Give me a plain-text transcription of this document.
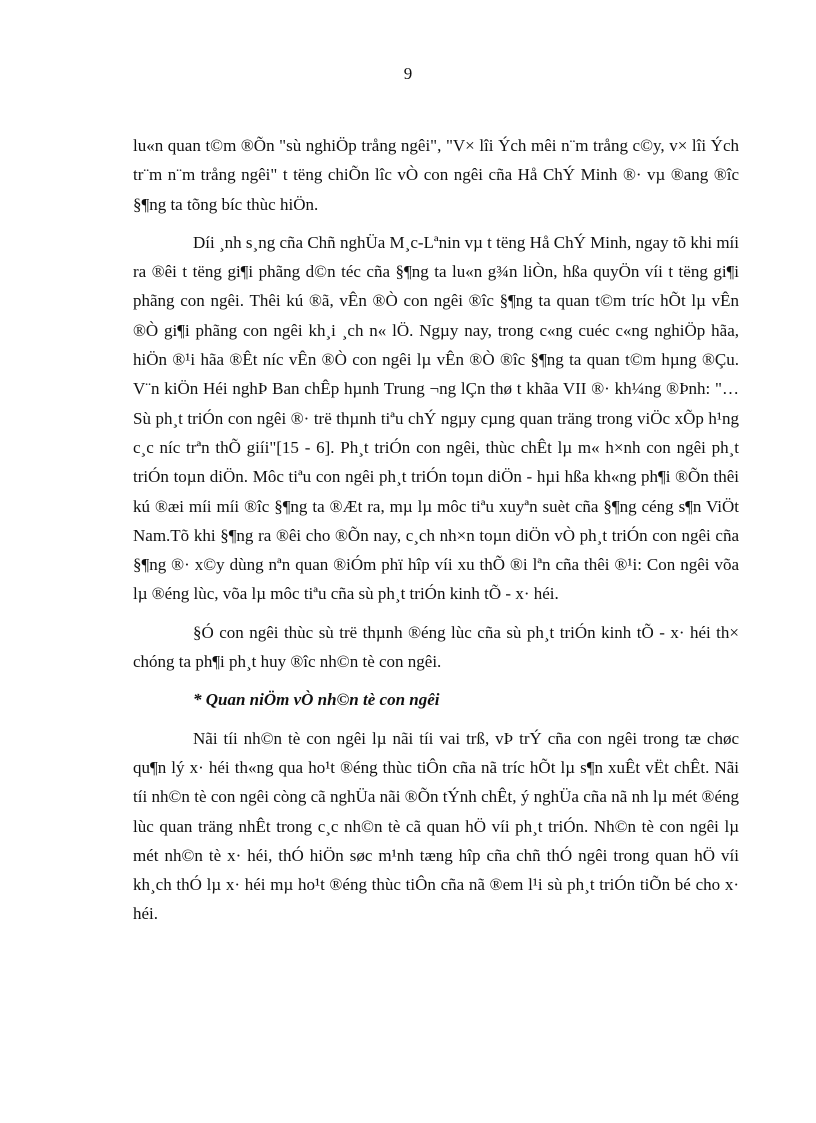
9

lu«n quan t©m ®Õn "sù nghiÖp trång ngêi", "V× lîi Ých mêi n¨m trång c©y, v× lîi Ých tr¨m n¨m trång ngêi" t tëng chiÕn lîc vÒ con ngêi cña Hå ChÝ Minh ®· vµ ®ang ®îc §¶ng ta tõng bíc thùc hiÖn.

Díi ¸nh s¸ng cña Chñ nghÜa M¸c-Lªnin vµ t tëng Hå ChÝ Minh, ngay tõ khi míi ra ®êi t tëng gi¶i phãng d©n téc cña §¶ng ta lu«n g¾n liÒn, hßa quyÖn víi t tëng gi¶i phãng con ngêi. Thêi kú ®ã, vÊn ®Ò con ngêi ®îc §¶ng ta quan t©m tríc hÕt lµ vÊn ®Ò gi¶i phãng con ngêi kh¸i ¸ch n« lÖ. Ngµy nay, trong c«ng cuéc c«ng nghiÖp hãa, hiÖn ®¹i hãa ®Êt níc vÊn ®Ò con ngêi lµ vÊn ®Ò ®îc §¶ng ta quan t©m hµng ®Çu. V¨n kiÖn Héi nghÞ Ban chÊp hµnh Trung ¬ng lÇn thø t khãa VII ®· kh¼ng ®Þnh: "…Sù ph¸t triÓn con ngêi ®· trë thµnh tiªu chÝ ngµy cµng quan träng trong viÖc xÕp h¹ng c¸c níc trªn thÕ giíi"[15 - 6]. Ph¸t triÓn con ngêi, thùc chÊt lµ m« h×nh con ngêi ph¸t triÓn toµn diÖn. Môc tiªu con ngêi ph¸t triÓn toµn diÖn - hµi hßa kh«ng ph¶i ®Õn thêi kú ®æi míi míi ®îc §¶ng ta ®Æt ra, mµ lµ môc tiªu xuyªn suèt cña §¶ng céng s¶n ViÖt Nam.Tõ khi §¶ng ra ®êi cho ®Õn nay, c¸ch nh×n toµn diÖn vÒ ph¸t triÓn con ngêi cña §¶ng ®· x©y dùng nªn quan ®iÓm phï hîp víi xu thÕ ®i lªn cña thêi ®¹i: Con ngêi võa lµ ®éng lùc, võa lµ môc tiªu cña sù ph¸t triÓn kinh tÕ - x· héi.

§Ó con ngêi thùc sù trë thµnh ®éng lùc cña sù ph¸t triÓn kinh tÕ - x· héi th× chóng ta ph¶i ph¸t huy ®îc nh©n tè con ngêi.

* Quan niÖm vÒ nh©n tè con ngêi

Nãi tíi nh©n tè con ngêi lµ nãi tíi vai trß, vÞ trÝ cña con ngêi trong tæ chøc qu¶n lý x· héi th«ng qua ho¹t ®éng thùc tiÔn cña nã tríc hÕt lµ s¶n xuÊt vËt chÊt. Nãi tíi nh©n tè con ngêi còng cã nghÜa nãi ®Õn tÝnh chÊt, ý nghÜa cña nã nh lµ mét ®éng lùc quan träng nhÊt trong c¸c nh©n tè cã quan hÖ víi ph¸t triÓn. Nh©n tè con ngêi lµ mét nh©n tè x· héi, thÓ hiÖn søc m¹nh tæng hîp cña chñ thÓ ngêi trong quan hÖ víi kh¸ch thÓ lµ x· héi mµ ho¹t ®éng thùc tiÔn cña nã ®em l¹i sù ph¸t triÓn tiÕn bé cho x· héi.
